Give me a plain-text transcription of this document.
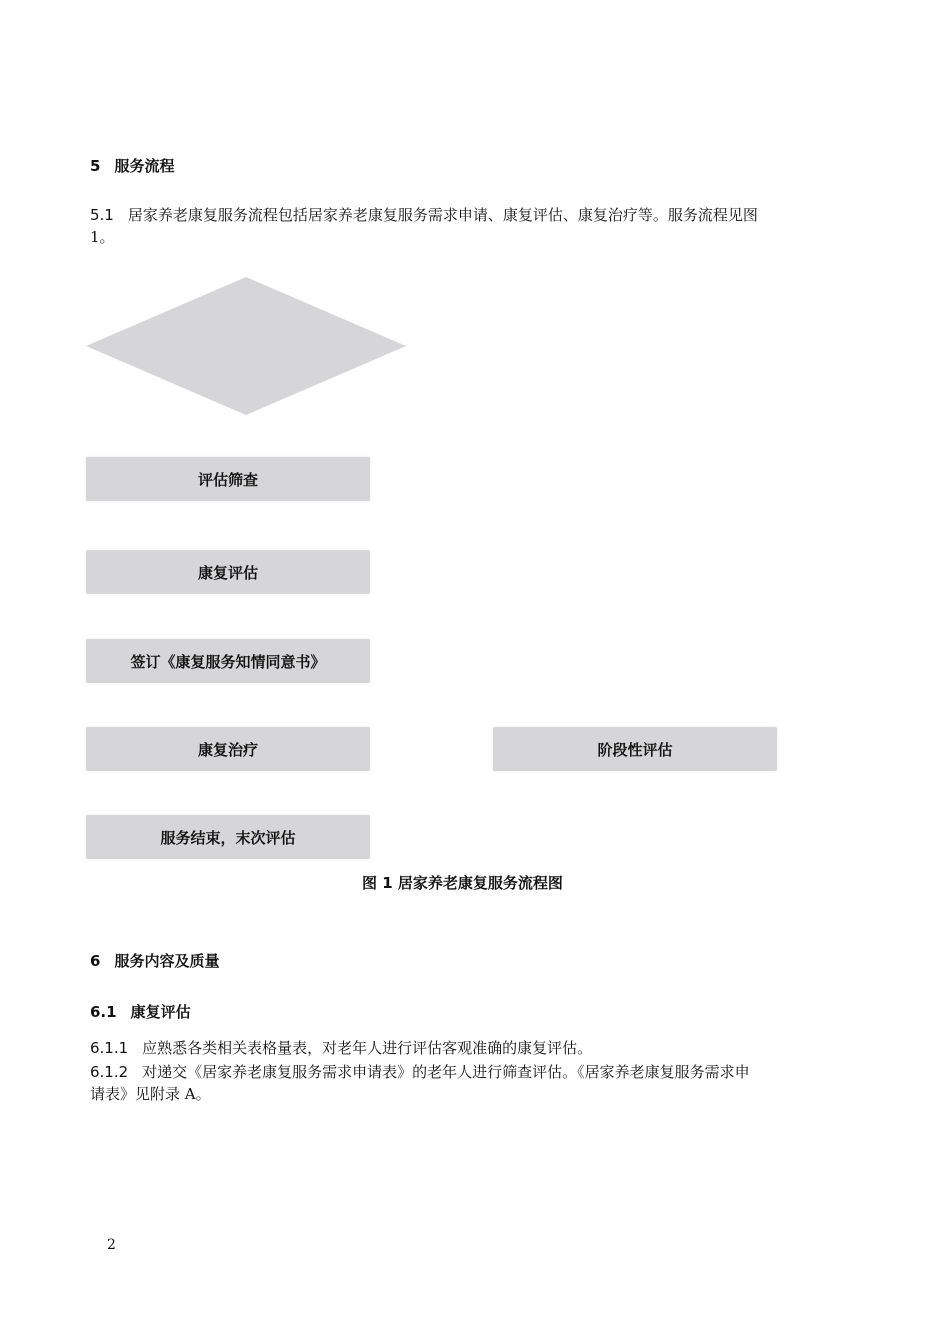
5 服务流程
5.1 居家养老康复服务流程包括居家养老康复服务需求申请、康复评估、康复治疗等。服务流程见图
1。
评估筛查
康复评估
签订《康复服务知情同意书》
康复治疗	阶段性评估
服务结束，末次评估
图 1 居家养老康复服务流程图
6 服务内容及质量
6.1 康复评估
6.1.1 应熟悉各类相关表格量表，对老年人进行评估客观准确的康复评估。
6.1.2 对递交《居家养老康复服务需求申请表》的老年人进行筛查评估。《居家养老康复服务需求申
请表》见附录 A。
2
